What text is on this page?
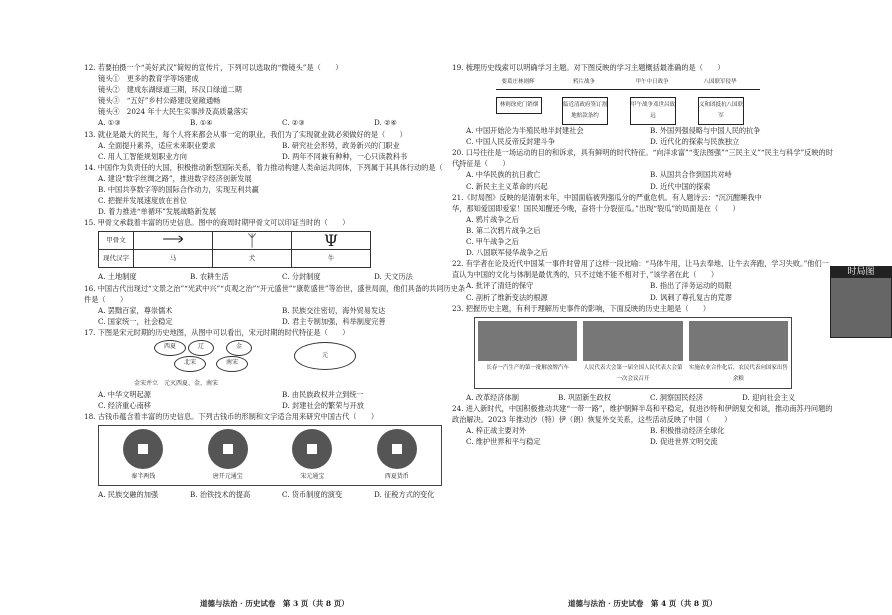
12. 若要拍摄一个“美好武汉”简短的宣传片，下列可以选取的“微镜头”是（　　）

镜头①　更多的教育学等场建成

镜头②　建成东湖绿道三期，环汉口绿道二期

镜头③　“五好”乡村公路建设宽敞通畅

镜头④　2024 年十大民生实事涉及高质量落实

A. ①③	B. ①④	C. ②③	D. ②④

13. 就业是最大的民生，每个人将来都会从事一定的职业，我们为了实现就业就必须做好的是（　　）

A. 全面提升素养，适应未来职业要求	B. 研究社会形势，政务新兴的门职业
C. 用人工智能规划职业方向	D. 两年不同兼有种种，一心只读教科书

14. 中国作为负责任的大国，积极推动新型国际关系，着力推动构建人类命运共同体，下列属于其具体行动的是（　　）

A. 建设“数字丝绸之路”，推进数字经济创新发展

B. 中国共享数字等的国际合作动力，实现互利共赢

C. 把握并发展速度放在首位

D. 着力推进“单循环”发展战略新发展

15. 甲骨文承载着丰富的历史信息。图中的商周时期甲骨文可以印证当时的（　　）

甲骨文	𐃘	ᛉ	Ψ
现代汉字	马	犬	牛
A. 土地制度	B. 农耕生活	C. 分封制度	D. 天文历法

16. 中国古代出现过“文景之治”“光武中兴”“贞观之治”“开元盛世”“康乾盛世”等治世，盛世局面，他们具备的共同历史条件是（　　）

A. 罢黜百家，尊崇儒术	B. 民族交往密切，海外贸易发达
C. 国家统一，社会稳定	D. 君主专制加强，科举制度完善

17. 下图是宋元时期的历史地图，从图中可以看出，宋元时期的时代特征是（　　）

西夏	辽
北宋
金
南宋
元

金宋并立　元灭西夏、金、南宋

A. 中华文明起源	B. 由民族政权并立到统一
C. 经济重心南移	D. 封建社会的繁荣与开放

18. 古钱币蕴含着丰富的历史信息。下列古钱币的形制和文字适合用来研究中国古代（　　）

秦半两钱	唐开元通宝	宋元通宝	西夏货币
A. 民族交融的加强	B. 治铁技术的提高	C. 货币制度的演变	D. 征税方式的变化
道德与法治 · 历史试卷　第 3 页（共 8 页）

19. 梳理历史线索可以明确学习主题。对下图反映的学习主题概括最准确的是（　　）

要葛庄林则辉	鸦片战争	甲午中日战争	八国联军侵华
林则徐虎门销烟	临近清政府签订割地赔款条约
甲午战争邓世昌致远
义和团抵抗八国联军
A. 中国开始沦为半殖民地半封建社会	B. 外国列强侵略与中国人民的抗争
C. 中国人民反帝反封建斗争	D. 近代化的探索与民族独立

20. 口号往往是一场运动的目的和诉求，具有鲜明的时代特征。“向洋求富”“变法图强”“三民主义”“民主与科学”反映的时代特征是（　　）

A. 中华民族的抗日救亡	B. 从国共合作到国共对峙
C. 新民主主义革命的兴起	D. 近代中国的探索

21.《时局图》反映的是清朝末年，中国面临被列强瓜分的严重危机。有人题诗云：“沉沉酣睡我中华，那知爱国即爱家！国民知醒还今晚，奋将十分裂征瓜。”出现“裂瓜”的局面是在（　　）

A. 鸦片战争之后

B. 第二次鸦片战争之后

C. 甲午战争之后

D. 八国联军侵华战争之后

时局图

22. 有学者在论及近代中国某一事件时曾用了这样一段比喻：“马体牛用，让马去奉地、让牛去奔跑，学习失败。”他们一直认为中国的文化与体制是最优秀的，只不过她不能不相对于，”该学者在此（　　）

A. 批评了清廷的保守	B. 指出了洋务运动的局限
C. 剖析了维新变法的根源	D. 讽刺了尊孔复古的荒谬

23. 把握历史主题，有利于理解历史事件的影响，下面反映的历史主题是（　　）

长春一汽生产的第一批解放牌汽车	人民代表大会第一届全国人民代表大会第一次会议召开
实施农业合作化后，农民代表向国家出售余粮
A. 改革经济体制	B. 巩固新生政权	C. 洞察国民经济	D. 迎向社会主义

24. 进入新时代，中国积极推动共建“一带一路”，维护朝鲜半岛和平稳定，促进沙特和伊朗复交和谈，推动南苏丹问题的政治解决。2023 年推动沙（特）伊（朗）恢复外交关系，这些活动反映了中国（　　）

A. 梓正战主要对外	B. 积极推动经济全球化
C. 维护世界和平与稳定	D. 促进世界文明交流
道德与法治 · 历史试卷　第 4 页（共 8 页）
